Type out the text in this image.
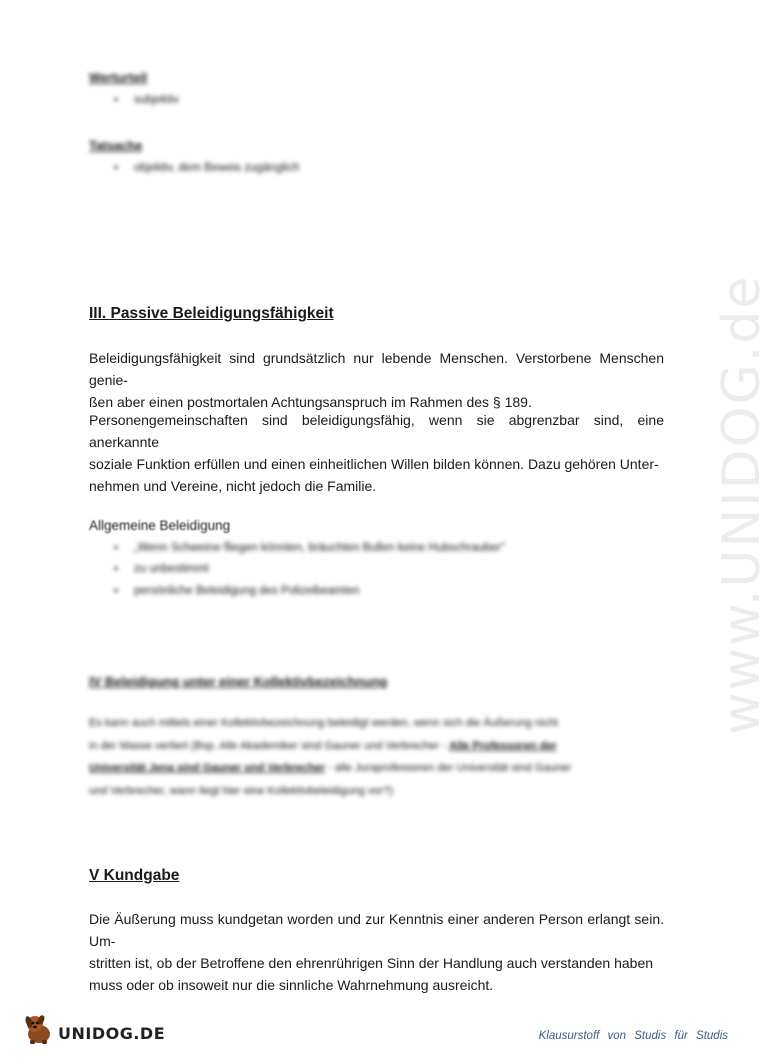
www.UNIDOG.de

Werturteil

▪ subjektiv

Tatsache

▪ objektiv, dem Beweis zugänglich

III. Passive Beleidigungsfähigkeit

Beleidigungsfähigkeit sind grundsätzlich nur lebende Menschen. Verstorbene Menschen genie-
ßen aber einen postmortalen Achtungsanspruch im Rahmen des § 189.

Personengemeinschaften sind beleidigungsfähig, wenn sie abgrenzbar sind, eine anerkannte
soziale Funktion erfüllen und einen einheitlichen Willen bilden können. Dazu gehören Unter-
nehmen und Vereine, nicht jedoch die Familie.

Allgemeine Beleidigung

▪ „Wenn Schweine fliegen könnten, bräuchten Bullen keine Hubschrauber"

▪ zu unbestimmt

▪ persönliche Beleidigung des Polizeibeamten

IV Beleidigung unter einer Kollektivbezeichnung

Es kann auch mittels einer Kollektivbezeichnung beleidigt werden, wenn sich die Äußerung nicht
in der Masse verliert (Bsp. Alle Akademiker sind Gauner und Verbrecher - Alle Professoren der
Universität Jena sind Gauner und Verbrecher - alle Juraprofessoren der Universität sind Gauner
und Verbrecher, wann liegt hier eine Kollektivbeleidigung vor?)

V Kundgabe

Die Äußerung muss kundgetan worden und zur Kenntnis einer anderen Person erlangt sein. Um-
stritten ist, ob der Betroffene den ehrenrührigen Sinn der Handlung auch verstanden haben
muss oder ob insoweit nur die sinnliche Wahrnehmung ausreicht.

UNIDOG.DE	Klausurstoff von Studis für Studis
